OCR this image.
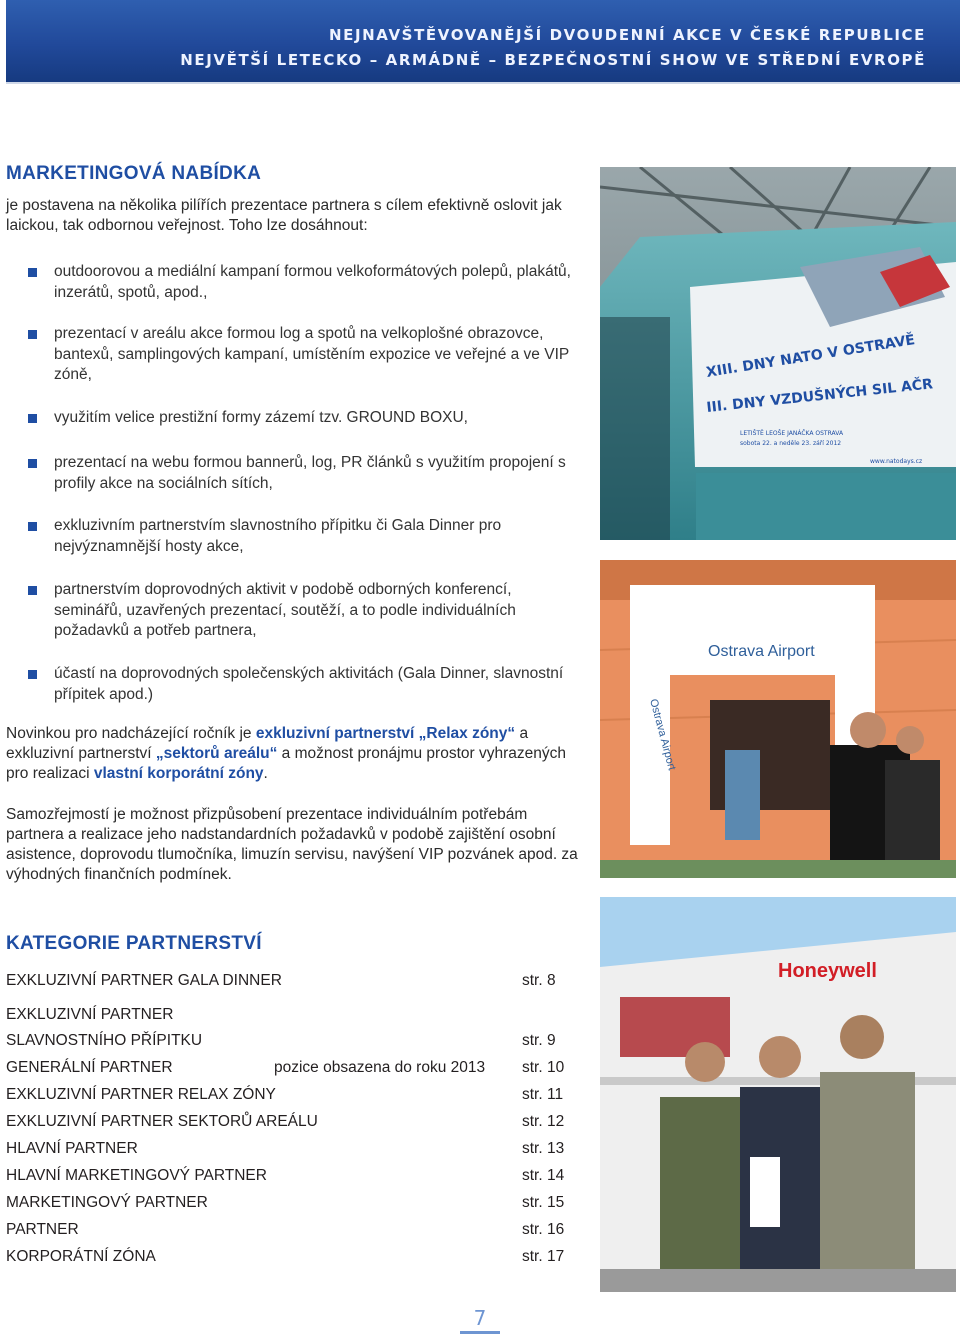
NEJNAVŠTĚVOVANĚJŠÍ DVOUDENNÍ AKCE V ČESKÉ REPUBLICE
NEJVĚTŠÍ LETECKO – ARMÁDNĚ – BEZPEČNOSTNÍ SHOW VE STŘEDNÍ EVROPĚ
MARKETINGOVÁ NABÍDKA
je postavena na několika pilířích prezentace partnera s cílem efektivně oslovit jak laickou, tak odbornou veřejnost. Toho lze dosáhnout:
outdoorovou a mediální kampaní formou velkoformátových polepů, plakátů, inzerátů, spotů, apod.,
prezentací v areálu akce formou log a spotů na velkoplošné obrazovce, bantexů, samplingových kampaní, umístěním expozice ve veřejné a ve VIP zóně,
využitím velice prestižní formy zázemí tzv. GROUND BOXU,
prezentací na webu formou bannerů, log, PR článků s využitím propojení s profily akce na sociálních sítích,
exkluzivním partnerstvím slavnostního přípitku či Gala Dinner pro nejvýznamnější hosty akce,
partnerstvím doprovodných aktivit v podobě odborných konferencí, seminářů, uzavřených prezentací, soutěží, a to podle individuálních požadavků a potřeb partnera,
účastí na doprovodných společenských aktivitách (Gala Dinner, slavnostní přípitek apod.)
Novinkou pro nadcházející ročník je exkluzivní partnerství „Relax zóny“ a exkluzivní partnerství „sektorů areálu“ a možnost pronájmu prostor vyhrazených pro realizaci vlastní korporátní zóny.
Samozřejmostí je možnost přizpůsobení prezentace individuálním potřebám partnera a realizace jeho nadstandardních požadavků v podobě zajištění osobní asistence, doprovodu tlumočníka, limuzín servisu, navýšení VIP pozvánek apod. za výhodných finančních podmínek.
KATEGORIE PARTNERSTVÍ
EXKLUZIVNÍ PARTNER GALA DINNER	str. 8
EXKLUZIVNÍ PARTNER
SLAVNOSTNÍHO PŘÍPITKU	str. 9
GENERÁLNÍ PARTNER	pozice obsazena do roku 2013 str. 10
EXKLUZIVNÍ PARTNER RELAX ZÓNY	str. 11
EXKLUZIVNÍ PARTNER SEKTORŮ AREÁLU	str. 12
HLAVNÍ PARTNER	str. 13
HLAVNÍ MARKETINGOVÝ PARTNER	str. 14
MARKETINGOVÝ PARTNER	str. 15
PARTNER	str. 16
KORPORÁTNÍ ZÓNA	str. 17
XIII. DNY NATO V OSTRAVĚ
III. DNY VZDUŠNÝCH SIL AČR
LETIŠTĚ LEOŠE JANÁČKA OSTRAVA
sobota 22. a neděle 23. září 2012
www.natodays.cz
Ostrava Airport
Ostrava Airport
Honeywell
7
